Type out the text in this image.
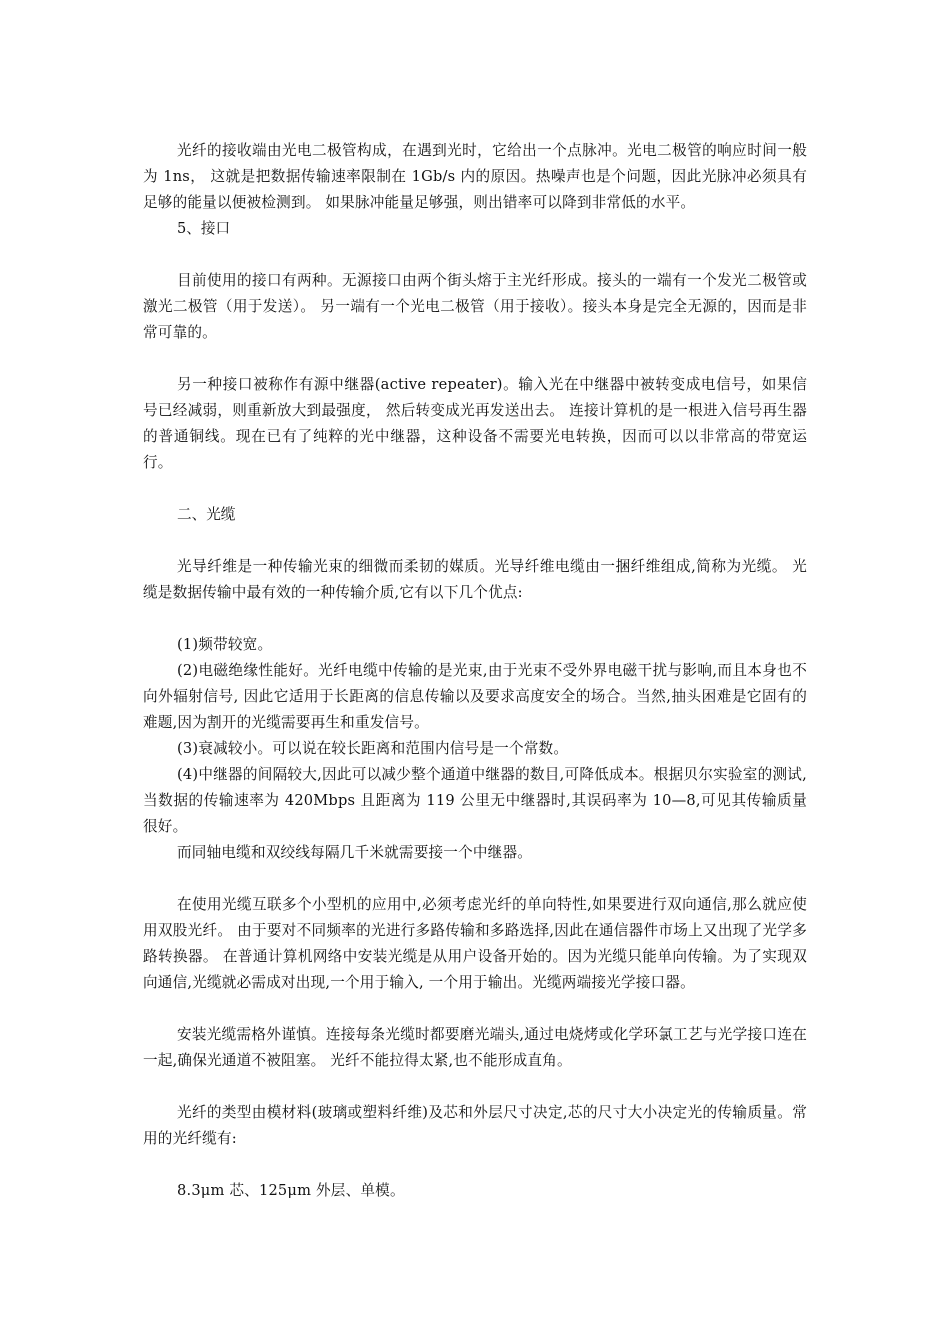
光纤的接收端由光电二极管构成，在遇到光时，它给出一个点脉冲。光电二极管的响应时间一般为 1ns， 这就是把数据传输速率限制在 1Gb/s 内的原因。热噪声也是个问题，因此光脉冲必须具有足够的能量以便被检测到。 如果脉冲能量足够强，则出错率可以降到非常低的水平。

5、接口

目前使用的接口有两种。无源接口由两个街头熔于主光纤形成。接头的一端有一个发光二极管或激光二极管（用于发送）。 另一端有一个光电二极管（用于接收）。接头本身是完全无源的，因而是非常可靠的。

另一种接口被称作有源中继器(active repeater)。输入光在中继器中被转变成电信号，如果信号已经减弱，则重新放大到最强度， 然后转变成光再发送出去。 连接计算机的是一根进入信号再生器的普通铜线。现在已有了纯粹的光中继器，这种设备不需要光电转换，因而可以以非常高的带宽运行。

二、光缆

光导纤维是一种传输光束的细微而柔韧的媒质。光导纤维电缆由一捆纤维组成,简称为光缆。 光缆是数据传输中最有效的一种传输介质,它有以下几个优点:

(1)频带较宽。

(2)电磁绝缘性能好。光纤电缆中传输的是光束,由于光束不受外界电磁干扰与影响,而且本身也不向外辐射信号, 因此它适用于长距离的信息传输以及要求高度安全的场合。当然,抽头困难是它固有的难题,因为割开的光缆需要再生和重发信号。

(3)衰减较小。可以说在较长距离和范围内信号是一个常数。

(4)中继器的间隔较大,因此可以减少整个通道中继器的数目,可降低成本。根据贝尔实验室的测试, 当数据的传输速率为 420Mbps 且距离为 119 公里无中继器时,其误码率为 10—8,可见其传输质量很好。

而同轴电缆和双绞线每隔几千米就需要接一个中继器。

在使用光缆互联多个小型机的应用中,必须考虑光纤的单向特性,如果要进行双向通信,那么就应使用双股光纤。 由于要对不同频率的光进行多路传输和多路选择,因此在通信器件市场上又出现了光学多路转换器。 在普通计算机网络中安装光缆是从用户设备开始的。因为光缆只能单向传输。为了实现双向通信,光缆就必需成对出现,一个用于输入, 一个用于输出。光缆两端接光学接口器。

安装光缆需格外谨慎。连接每条光缆时都要磨光端头,通过电烧烤或化学环氯工艺与光学接口连在一起,确保光通道不被阻塞。 光纤不能拉得太紧,也不能形成直角。

光纤的类型由模材料(玻璃或塑料纤维)及芯和外层尺寸决定,芯的尺寸大小决定光的传输质量。常用的光纤缆有:

8.3μm 芯、125μm 外层、单模。
